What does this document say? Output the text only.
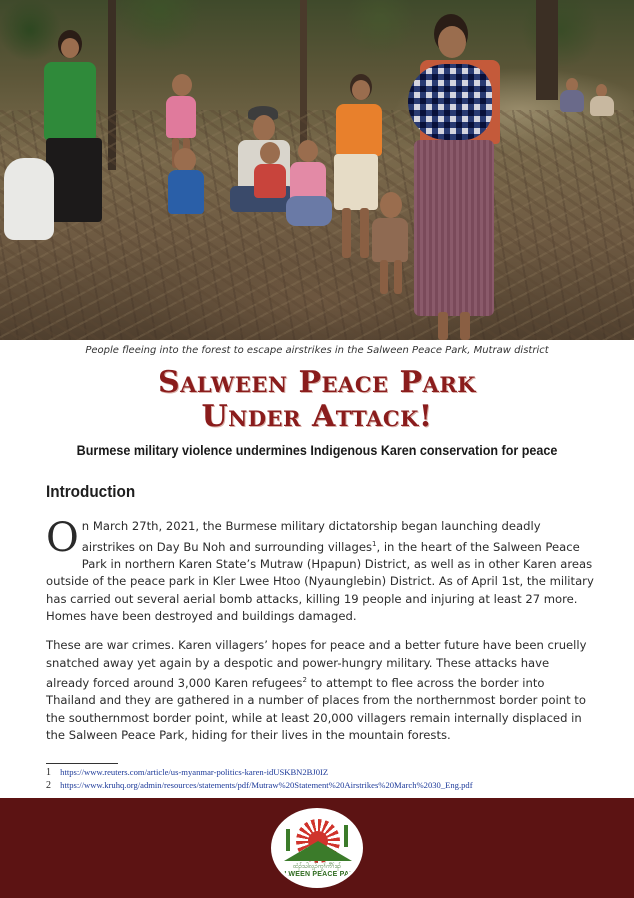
People fleeing into the forest to escape airstrikes in the Salween Peace Park, Mutraw district
Salween Peace Park
Under Attack!
Burmese military violence undermines Indigenous Karen conservation for peace
Introduction

On March 27th, 2021, the Burmese military dictatorship began launching deadly airstrikes on Day Bu Noh and surrounding villages$^1$, in the heart of the Salween Peace Park in northern Karen State’s Mutraw (Hpapun) District, as well as in other Karen areas outside of the peace park in Kler Lwee Htoo (Nyaunglebin) District. As of April 1st, the military has carried out several aerial bomb attacks, killing 19 people and injuring at least 27 more. Homes have been destroyed and buildings damaged.

These are war crimes. Karen villagers’ hopes for peace and a better future have been cruelly snatched away yet again by a despotic and power-hungry military. These attacks have already forced around 3,000 Karen refugees$^2$ to attempt to flee across the border into Thailand and they are gathered in a number of places from the northernmost border point to the southernmost border point, while at least 20,000 villagers remain internally displaced in the Salween Peace Park, hiding for their lives in the mountain forests.

1 https://www.reuters.com/article/us-myanmar-politics-karen-idUSKBN2BJ0IZ
2 https://www.kruhq.org/admin/resources/statements/pdf/Mutraw%20Statement%20Airstrikes%20March%2030_Eng.pdf
ထံၣ်သါလ့ၣ်ကွၢ်ကီၢ်ဒၣ်
SALWEEN PEACE PARK
